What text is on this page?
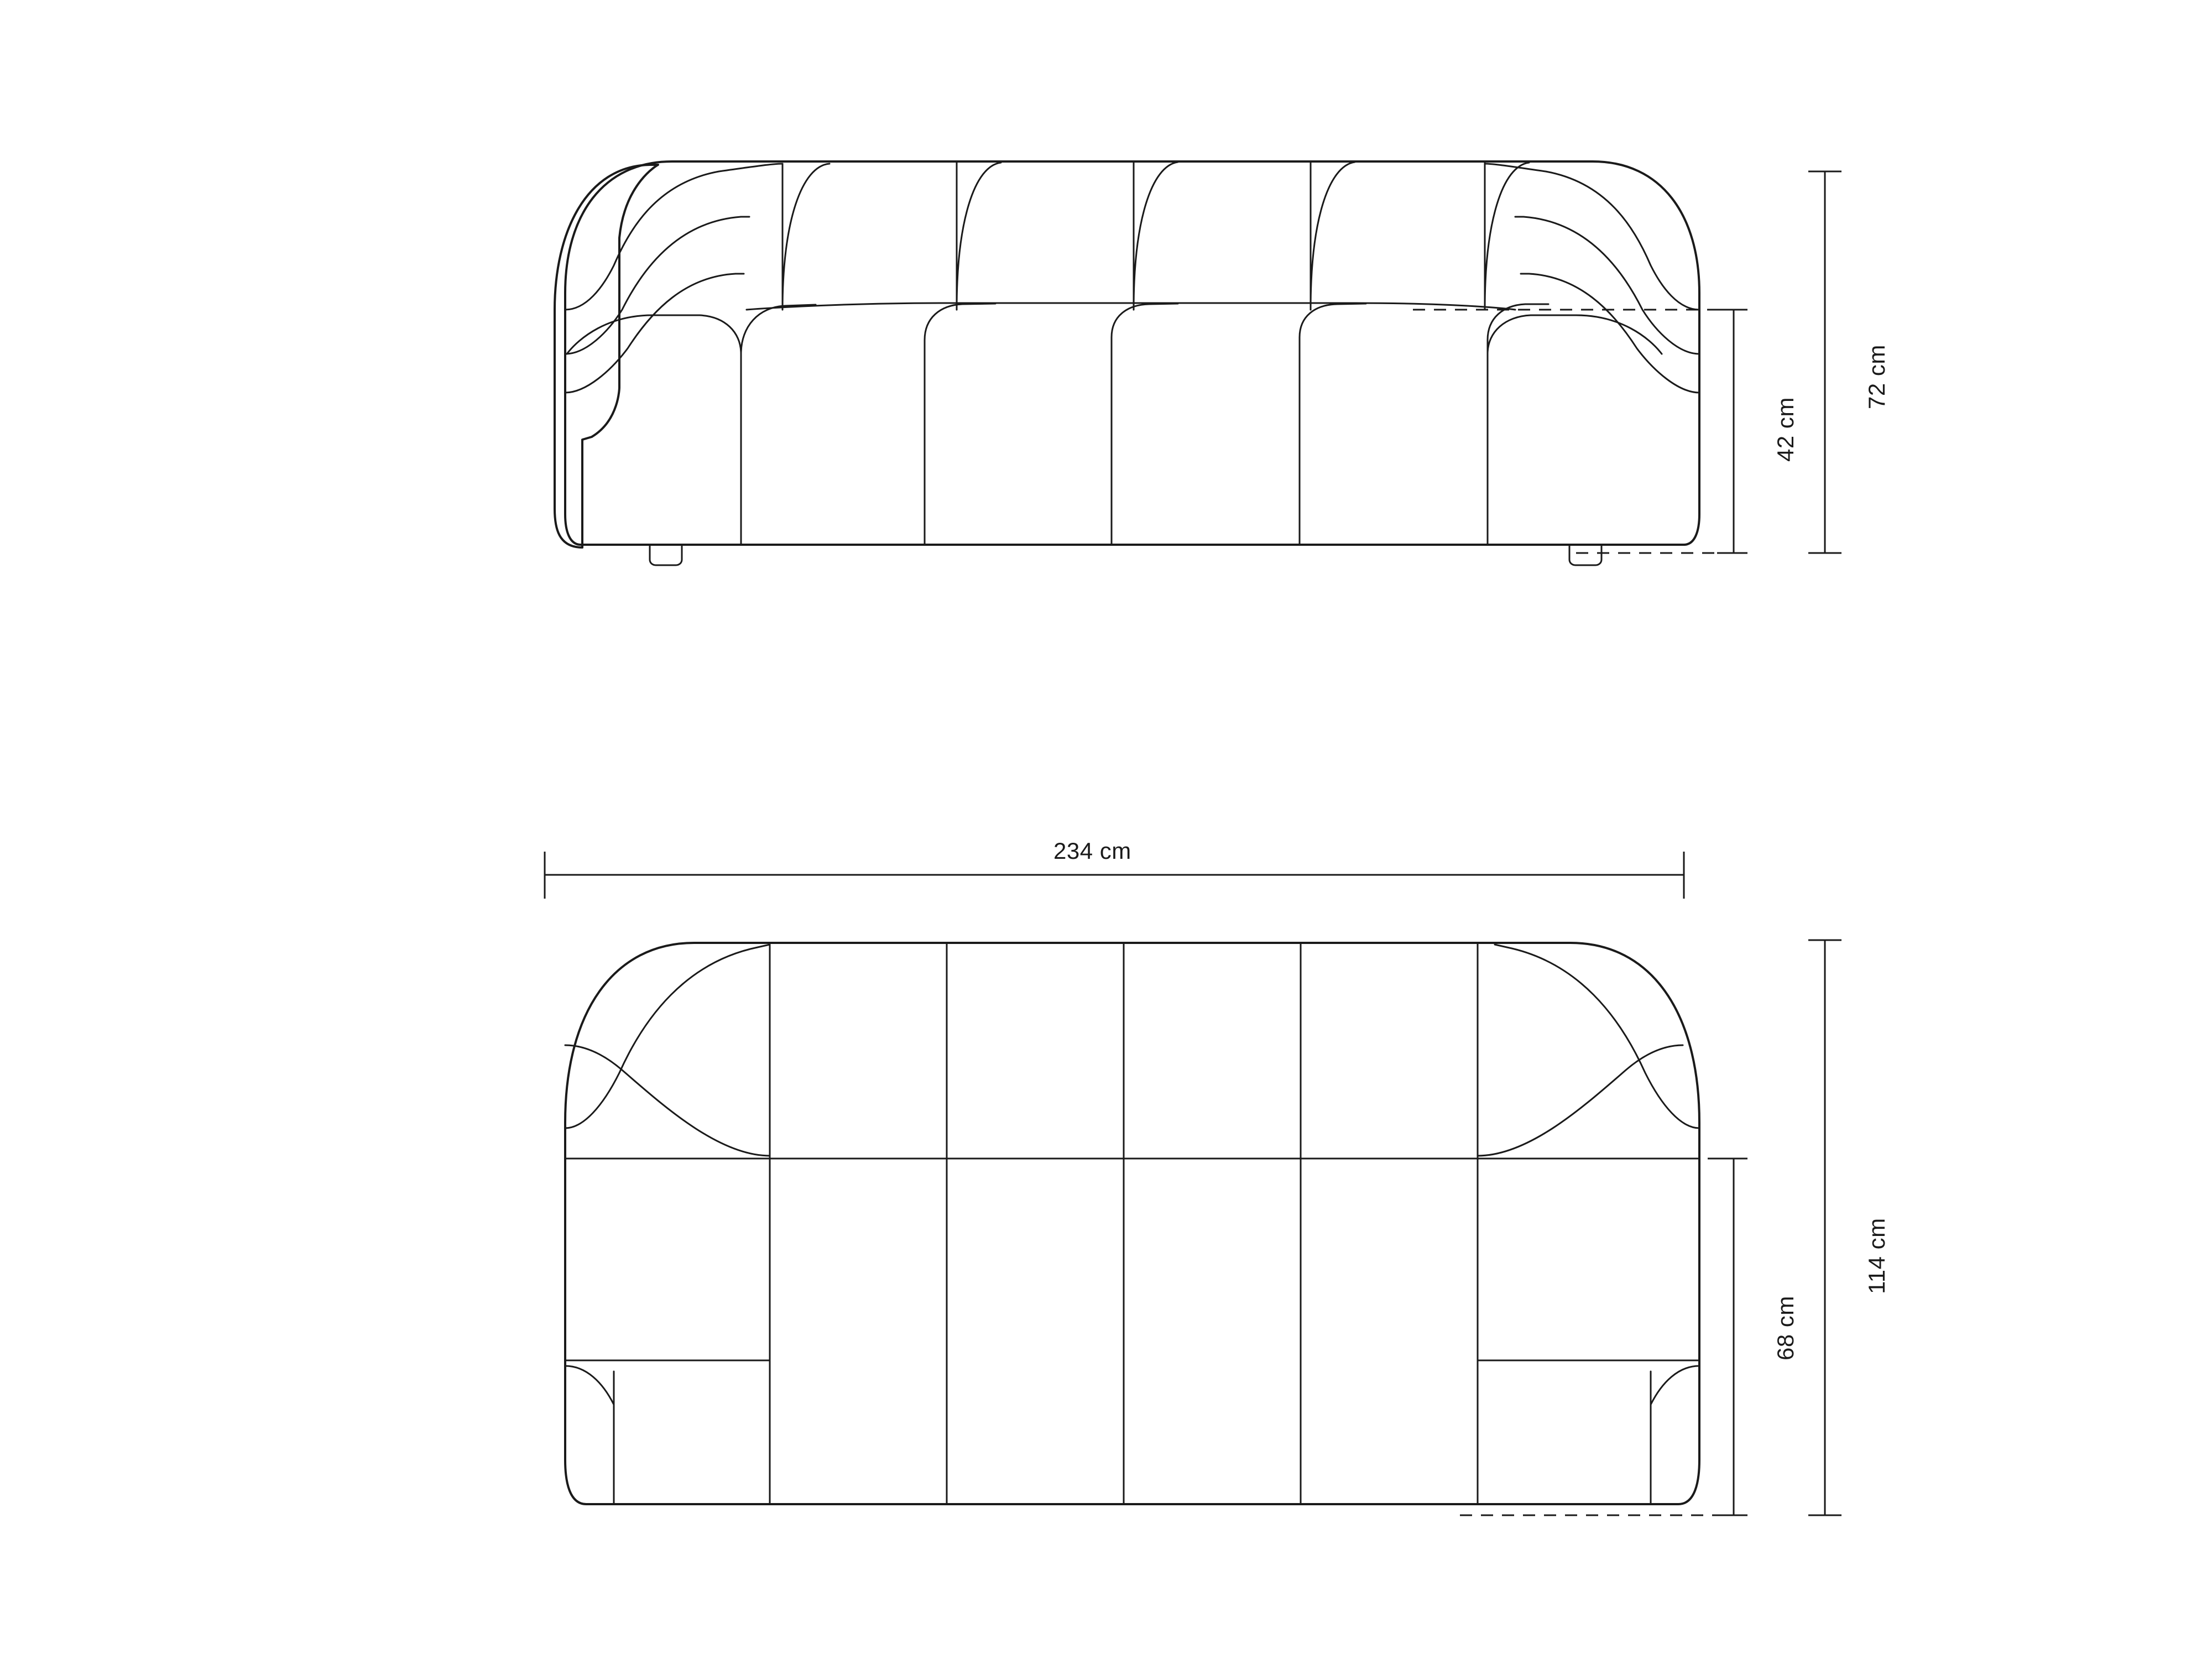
72 cm
42 cm
234 cm
114 cm
68 cm
